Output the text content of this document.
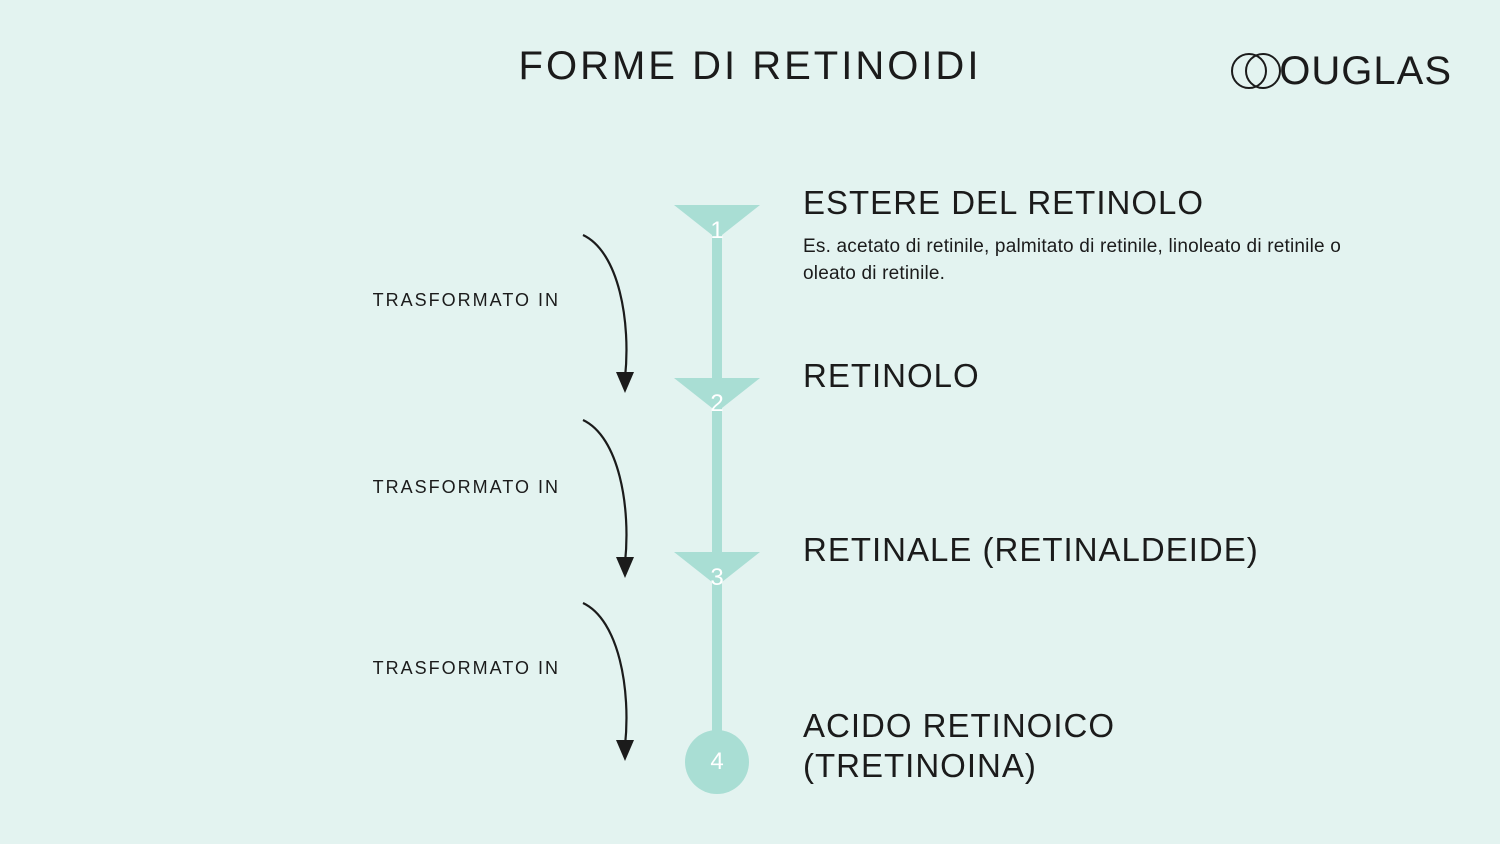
FORME DI RETINOIDI	OUGLAS
1
ESTERE DEL RETINOLO
Es. acetato di retinile, palmitato di retinile, linoleato di retinile o oleato di retinile.
TRASFORMATO IN
2
RETINOLO
TRASFORMATO IN
3
RETINALE (RETINALDEIDE)
TRASFORMATO IN
4
ACIDO RETINOICO
(TRETINOINA)
